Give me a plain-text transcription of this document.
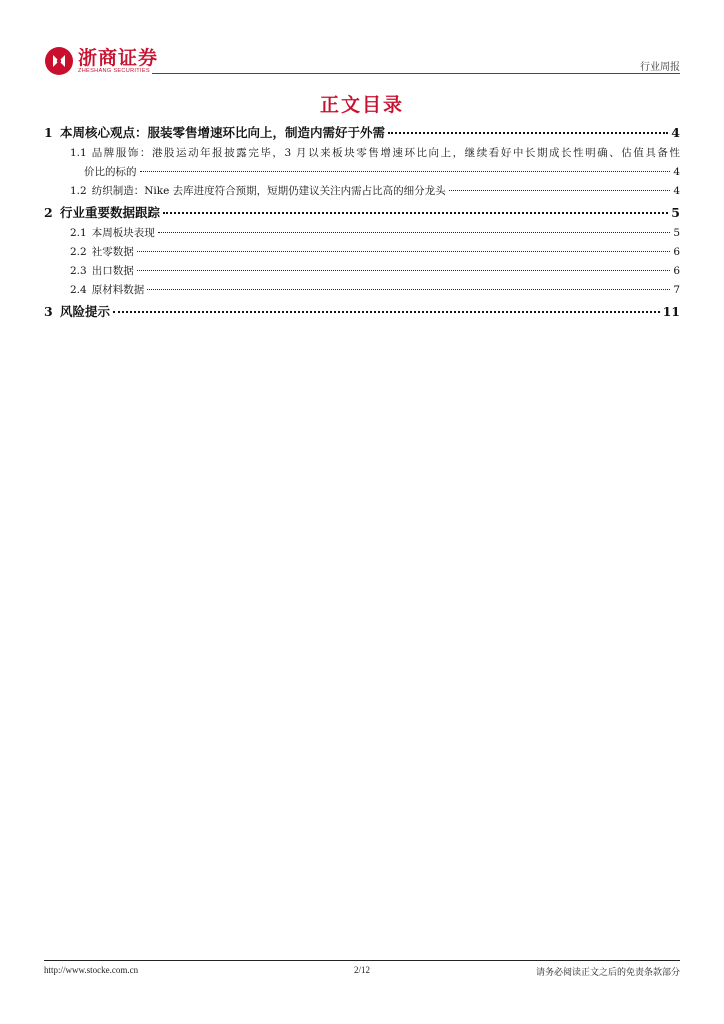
浙商证券
ZHESHANG SECURITIES	行业周报
正文目录
1 本周核心观点：服装零售增速环比向上，制造内需好于外需	4
1.1 品牌服饰：港股运动年报披露完毕，3 月以来板块零售增速环比向上，继续看好中长期成长性明确、估值具备性
价比的标的	4
1.2 纺织制造：Nike 去库进度符合预期，短期仍建议关注内需占比高的细分龙头	4
2 行业重要数据跟踪	5
2.1 本周板块表现	5
2.2 社零数据	6
2.3 出口数据	6
2.4 原材料数据	7
3 风险提示	11
http://www.stocke.com.cn	2/12	请务必阅读正文之后的免责条款部分
